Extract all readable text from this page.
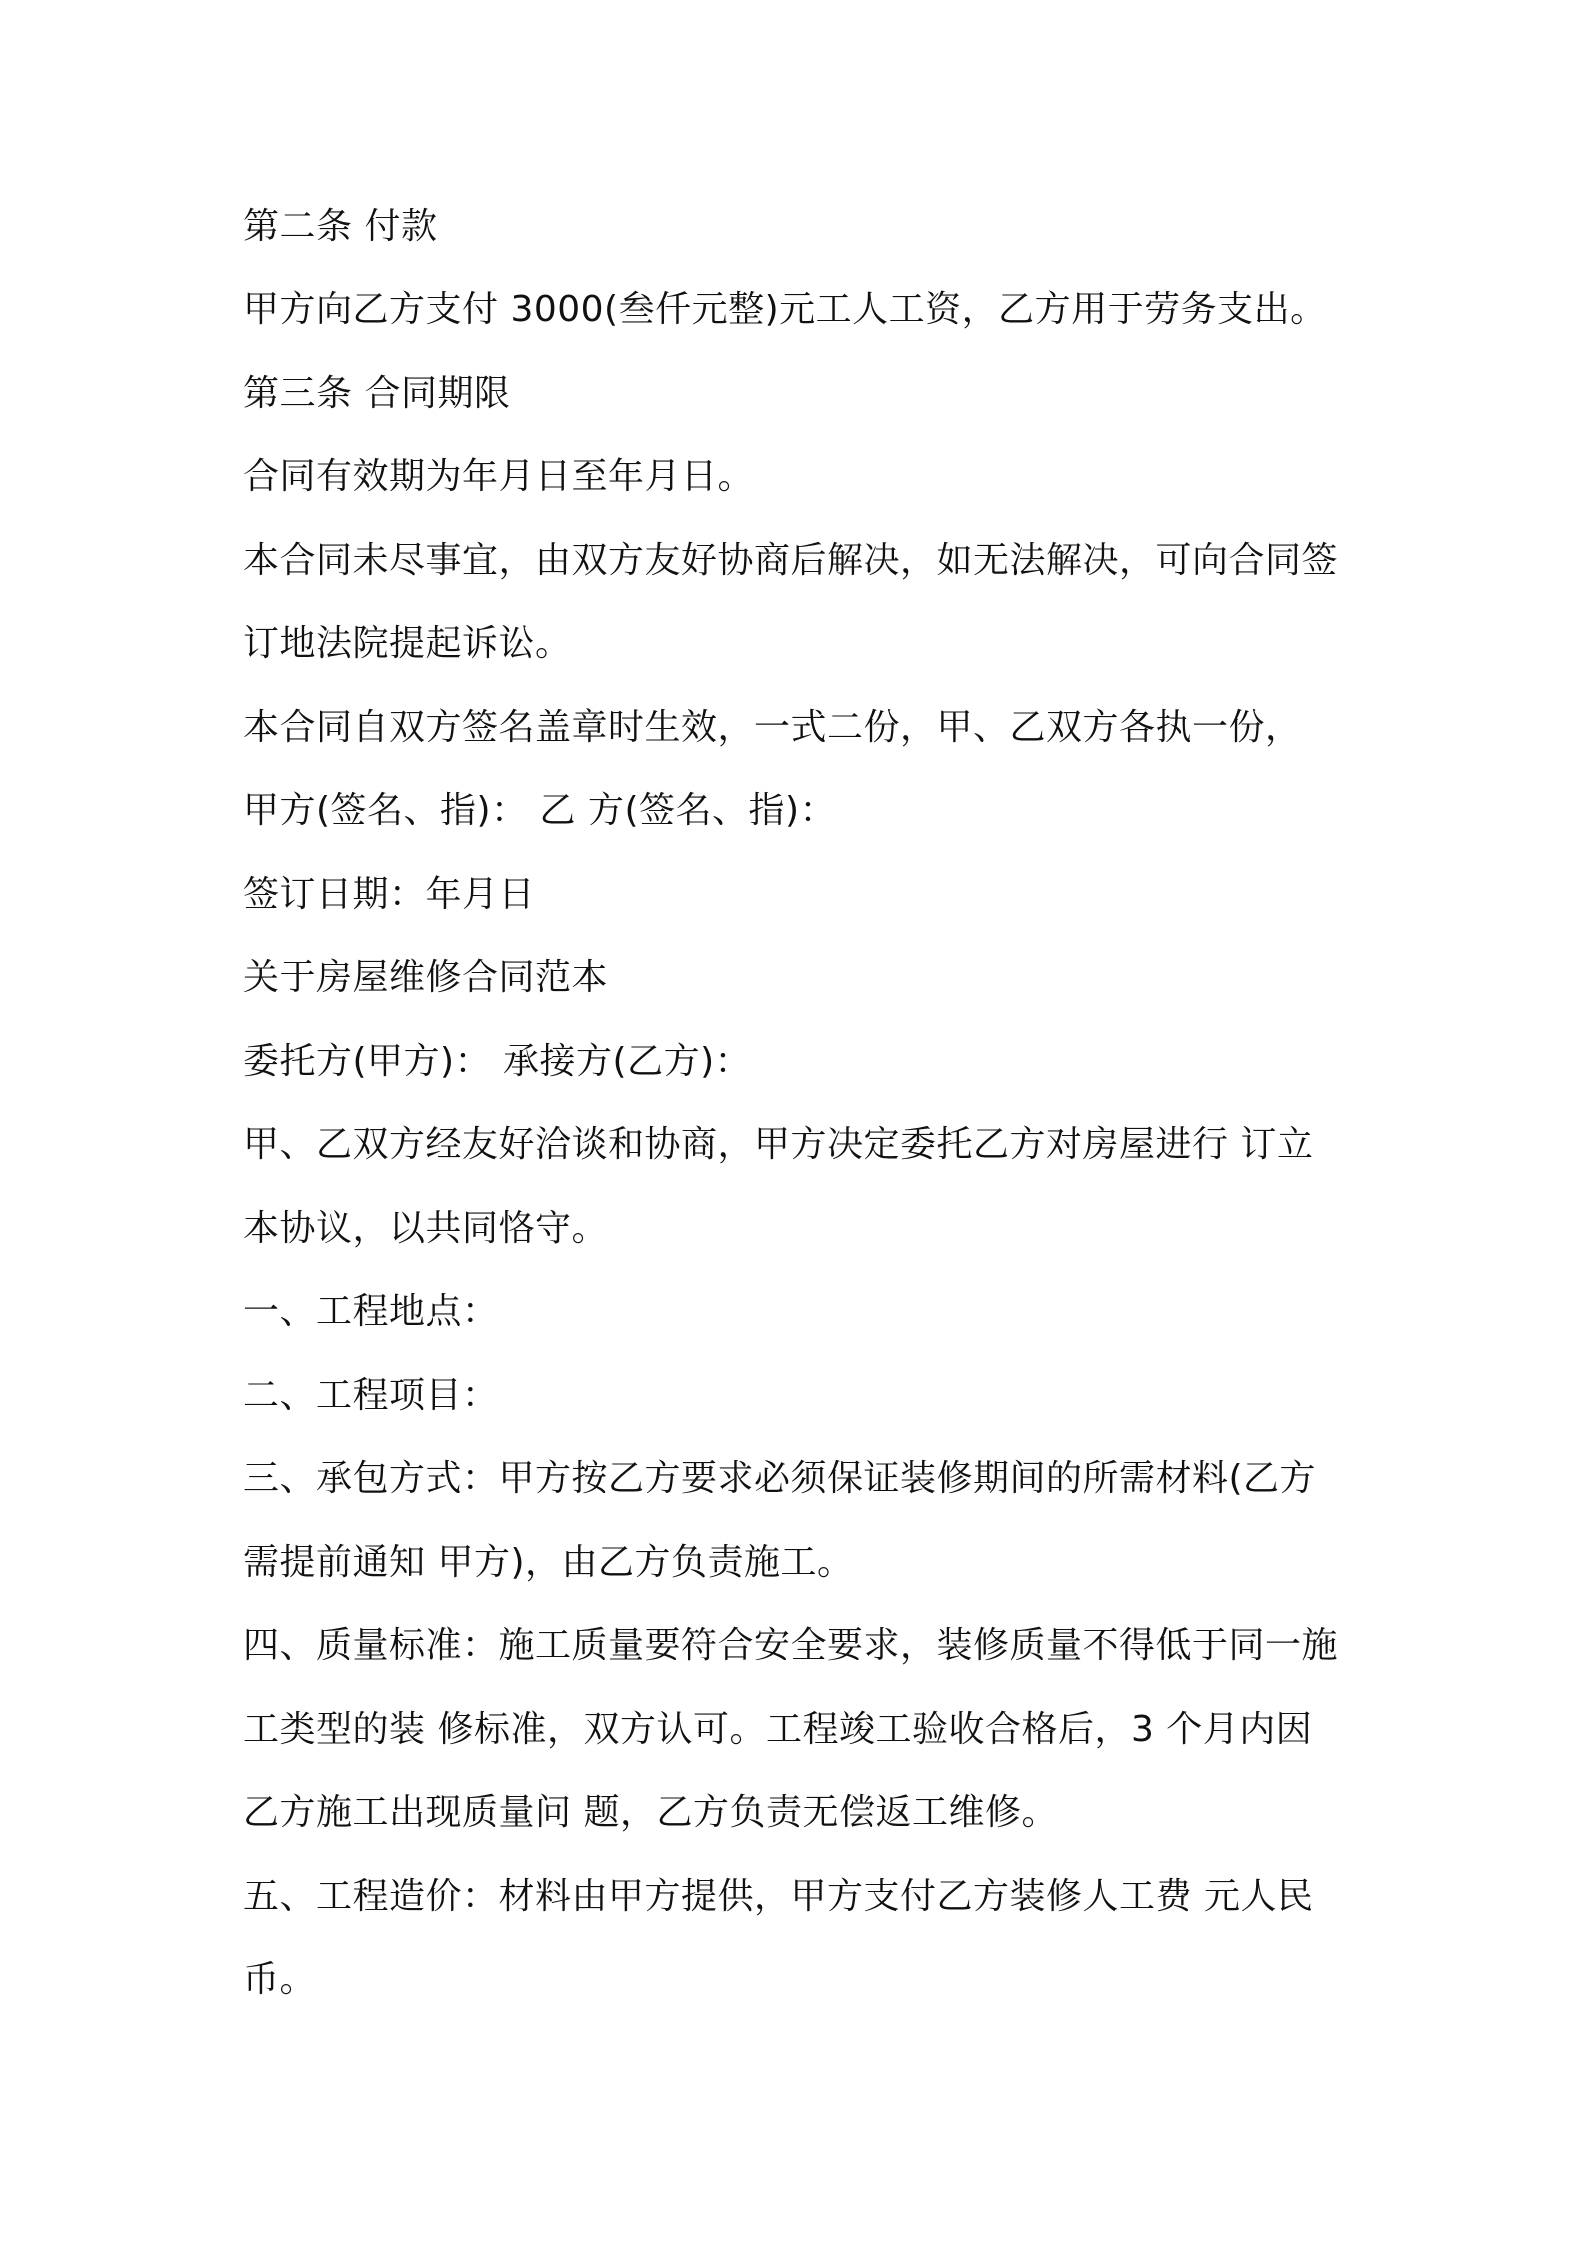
第二条 付款
甲方向乙方支付 3000(叁仟元整)元工人工资，乙方用于劳务支出。
第三条 合同期限
合同有效期为年月日至年月日。
本合同未尽事宜，由双方友好协商后解决，如无法解决，可向合同签
订地法院提起诉讼。
本合同自双方签名盖章时生效，一式二份，甲、乙双方各执一份，
甲方(签名、指)： 乙 方(签名、指)：
签订日期：年月日
关于房屋维修合同范本
委托方(甲方)： 承接方(乙方)：
甲、乙双方经友好洽谈和协商，甲方决定委托乙方对房屋进行 订立
本协议，以共同恪守。
一、工程地点：
二、工程项目：
三、承包方式：甲方按乙方要求必须保证装修期间的所需材料(乙方
需提前通知 甲方)，由乙方负责施工。
四、质量标准：施工质量要符合安全要求，装修质量不得低于同一施
工类型的装 修标准，双方认可。工程竣工验收合格后，3 个月内因
乙方施工出现质量问 题，乙方负责无偿返工维修。
五、工程造价：材料由甲方提供，甲方支付乙方装修人工费 元人民
币。
